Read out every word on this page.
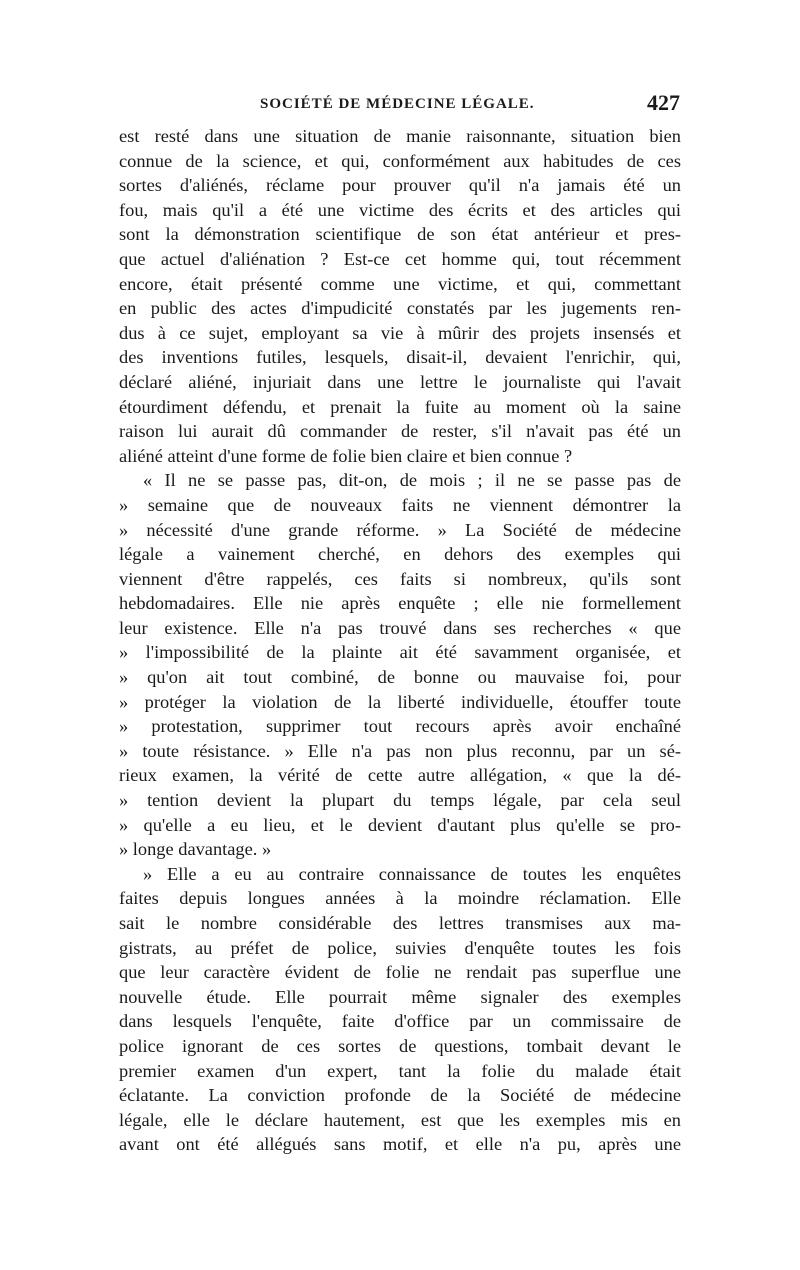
SOCIÉTÉ DE MÉDECINE LÉGALE.	427
est resté dans une situation de manie raisonnante, situation bien
connue de la science, et qui, conformément aux habitudes de ces
sortes d'aliénés, réclame pour prouver qu'il n'a jamais été un
fou, mais qu'il a été une victime des écrits et des articles qui
sont la démonstration scientifique de son état antérieur et pres-
que actuel d'aliénation ? Est-ce cet homme qui, tout récemment
encore, était présenté comme une victime, et qui, commettant
en public des actes d'impudicité constatés par les jugements ren-
dus à ce sujet, employant sa vie à mûrir des projets insensés et
des inventions futiles, lesquels, disait-il, devaient l'enrichir, qui,
déclaré aliéné, injuriait dans une lettre le journaliste qui l'avait
étourdiment défendu, et prenait la fuite au moment où la saine
raison lui aurait dû commander de rester, s'il n'avait pas été un
aliéné atteint d'une forme de folie bien claire et bien connue ?
« Il ne se passe pas, dit-on, de mois ; il ne se passe pas de
» semaine que de nouveaux faits ne viennent démontrer la
» nécessité d'une grande réforme. » La Société de médecine
légale a vainement cherché, en dehors des exemples qui
viennent d'être rappelés, ces faits si nombreux, qu'ils sont
hebdomadaires. Elle nie après enquête ; elle nie formellement
leur existence. Elle n'a pas trouvé dans ses recherches « que
» l'impossibilité de la plainte ait été savamment organisée, et
» qu'on ait tout combiné, de bonne ou mauvaise foi, pour
» protéger la violation de la liberté individuelle, étouffer toute
» protestation, supprimer tout recours après avoir enchaîné
» toute résistance. » Elle n'a pas non plus reconnu, par un sé-
rieux examen, la vérité de cette autre allégation, « que la dé-
» tention devient la plupart du temps légale, par cela seul
» qu'elle a eu lieu, et le devient d'autant plus qu'elle se pro-
» longe davantage. »
» Elle a eu au contraire connaissance de toutes les enquêtes
faites depuis longues années à la moindre réclamation. Elle
sait le nombre considérable des lettres transmises aux ma-
gistrats, au préfet de police, suivies d'enquête toutes les fois
que leur caractère évident de folie ne rendait pas superflue une
nouvelle étude. Elle pourrait même signaler des exemples
dans lesquels l'enquête, faite d'office par un commissaire de
police ignorant de ces sortes de questions, tombait devant le
premier examen d'un expert, tant la folie du malade était
éclatante. La conviction profonde de la Société de médecine
légale, elle le déclare hautement, est que les exemples mis en
avant ont été allégués sans motif, et elle n'a pu, après une
